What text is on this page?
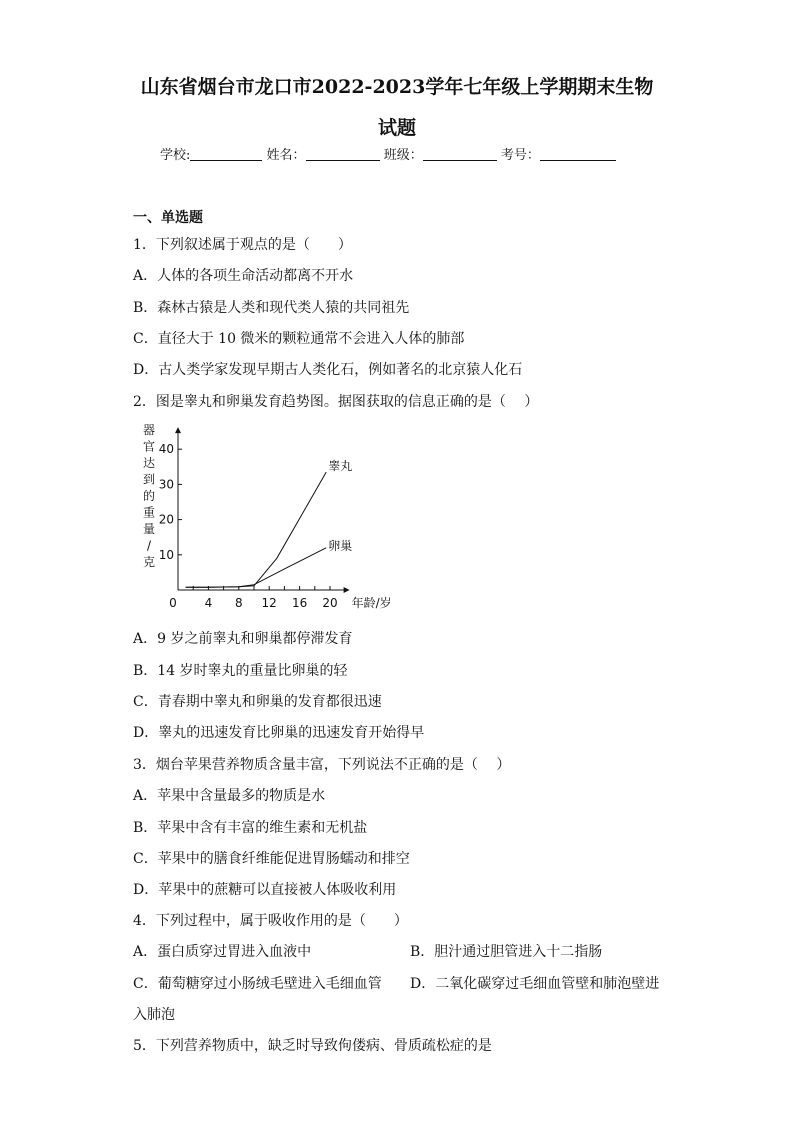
山东省烟台市龙口市2022-2023学年七年级上学期期末生物
试题
学校:	姓名：	班级：	考号：
一、单选题
1．下列叙述属于观点的是（　　）
A．人体的各项生命活动都离不开水
B．森林古猿是人类和现代类人猿的共同祖先
C．直径大于 10 微米的颗粒通常不会进入人体的肺部
D．古人类学家发现早期古人类化石，例如著名的北京猿人化石
2．图是睾丸和卵巢发育趋势图。据图获取的信息正确的是（　 ）
器
官
达
到
的
重
量
/
克
0 4 8 12 16 20
10
20
30
40
睾丸
卵巢
年龄/岁
A．9 岁之前睾丸和卵巢都停滞发育
B．14 岁时睾丸的重量比卵巢的轻
C．青春期中睾丸和卵巢的发育都很迅速
D．睾丸的迅速发育比卵巢的迅速发育开始得早
3．烟台苹果营养物质含量丰富，下列说法不正确的是（　 ）
A．苹果中含量最多的物质是水
B．苹果中含有丰富的维生素和无机盐
C．苹果中的膳食纤维能促进胃肠蠕动和排空
D．苹果中的蔗糖可以直接被人体吸收利用
4．下列过程中，属于吸收作用的是（　　）
A．蛋白质穿过胃进入血液中	B．胆汁通过胆管进入十二指肠
C．葡萄糖穿过小肠绒毛壁进入毛细血管 D．二氧化碳穿过毛细血管壁和肺泡壁进
入肺泡
5．下列营养物质中，缺乏时导致佝偻病、骨质疏松症的是
